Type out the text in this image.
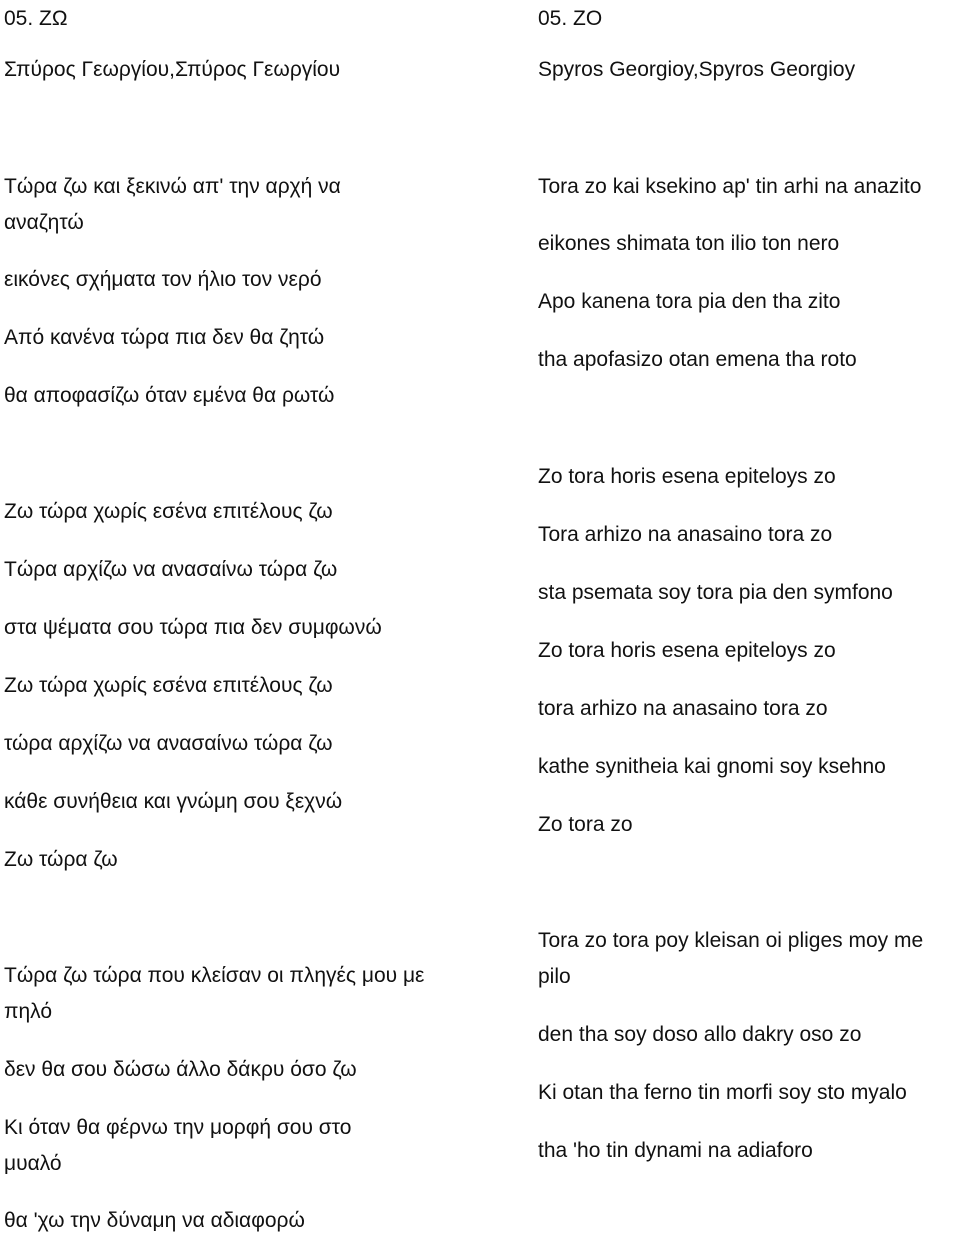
05. ΖΩ
Σπύρος Γεωργίου,Σπύρος Γεωργίου
Τώρα ζω και ξεκινώ απ' την αρχή να αναζητώ
εικόνες σχήματα τον ήλιο τον νερό
Από κανένα τώρα πια δεν θα ζητώ
θα αποφασίζω όταν εμένα θα ρωτώ
Ζω τώρα χωρίς εσένα επιτέλους ζω
Τώρα αρχίζω να ανασαίνω τώρα ζω
στα ψέματα σου τώρα πια δεν συμφωνώ
Ζω τώρα χωρίς εσένα επιτέλους ζω
τώρα αρχίζω να ανασαίνω τώρα ζω
κάθε συνήθεια και γνώμη σου ξεχνώ
Ζω τώρα ζω
Τώρα ζω τώρα που κλείσαν οι πληγές μου με πηλό
δεν θα σου δώσω άλλο δάκρυ όσο ζω
Κι όταν θα φέρνω την μορφή σου στο μυαλό
θα 'χω την δύναμη να αδιαφορώ
05. ZO
Spyros Georgioy,Spyros Georgioy
Tora zo kai ksekino ap' tin arhi na anazito
eikones shimata ton ilio ton nero
Apo kanena tora pia den tha zito
tha apofasizo otan emena tha roto
Zo tora horis esena epiteloys zo
Tora arhizo na anasaino tora zo
sta psemata soy tora pia den symfono
Zo tora horis esena epiteloys zo
tora arhizo na anasaino tora zo
kathe synitheia kai gnomi soy ksehno
Zo tora zo
Tora zo tora poy kleisan oi pliges moy me pilo
den tha soy doso allo dakry oso zo
Ki otan tha ferno tin morfi soy sto myalo
tha 'ho tin dynami na adiaforo
